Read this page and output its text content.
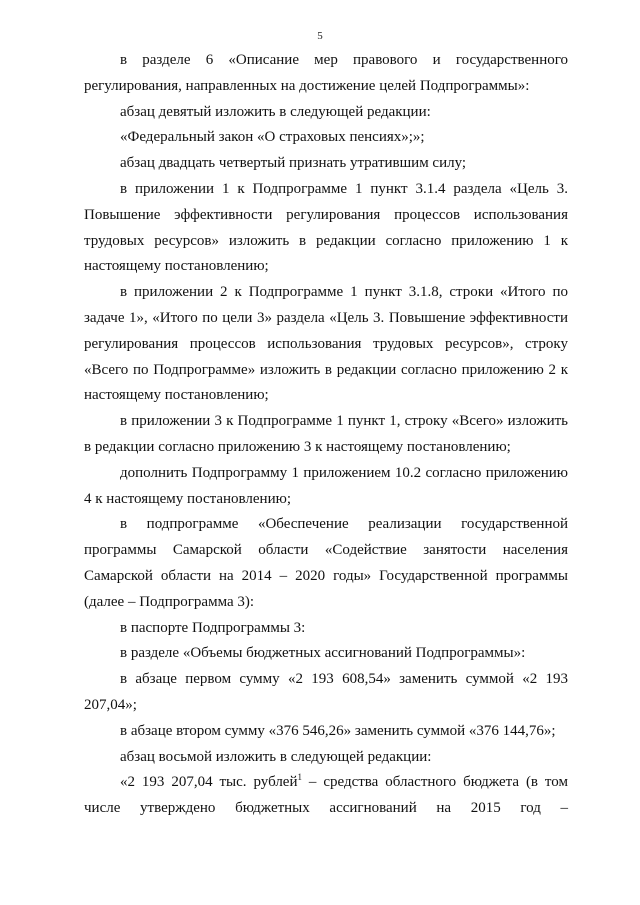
5

в разделе 6 «Описание мер правового и государственного регулирования, направленных на достижение целей Подпрограммы»:

абзац девятый изложить в следующей редакции:

«Федеральный закон «О страховых пенсиях»;»;

абзац двадцать четвертый признать утратившим силу;

в приложении 1 к Подпрограмме 1 пункт 3.1.4 раздела «Цель 3. Повышение эффективности регулирования процессов использования трудовых ресурсов» изложить в редакции согласно приложению 1 к настоящему постановлению;

в приложении 2 к Подпрограмме 1 пункт 3.1.8, строки «Итого по задаче 1», «Итого по цели 3» раздела «Цель 3. Повышение эффективности регулирования процессов использования трудовых ресурсов», строку «Всего по Подпрограмме» изложить в редакции согласно приложению 2 к настоящему постановлению;

в приложении 3 к Подпрограмме 1 пункт 1, строку «Всего» изложить в редакции согласно приложению 3 к настоящему постановлению;

дополнить Подпрограмму 1 приложением 10.2 согласно приложению 4 к настоящему постановлению;

в подпрограмме «Обеспечение реализации государственной программы Самарской области «Содействие занятости населения Самарской области на 2014 – 2020 годы» Государственной программы (далее – Подпрограмма 3):

в паспорте Подпрограммы 3:

в разделе «Объемы бюджетных ассигнований Подпрограммы»:

в абзаце первом сумму «2 193 608,54» заменить суммой «2 193 207,04»;

в абзаце втором сумму «376 546,26» заменить суммой «376 144,76»;

абзац восьмой изложить в следующей редакции:

«2 193 207,04 тыс. рублей$^1$ – средства областного бюджета (в том числе утверждено бюджетных ассигнований на 2015 год –
